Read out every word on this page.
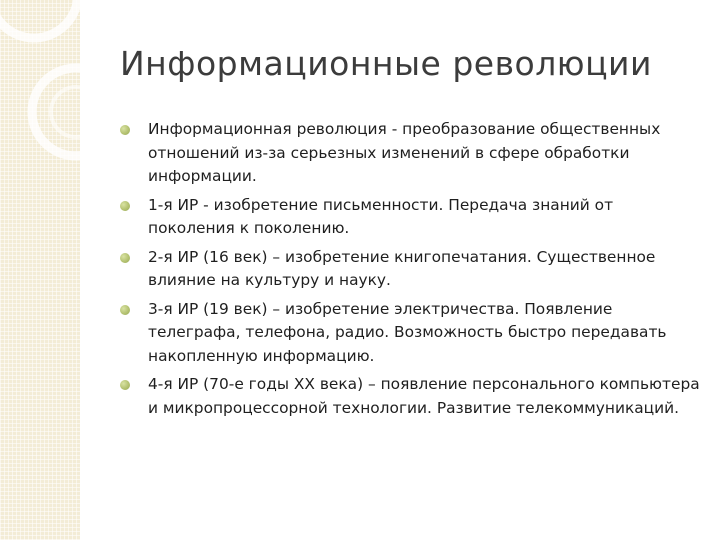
Информационные революции
Информационная революция - преобразование общественных отношений из-за серьезных изменений в сфере обработки информации.
1-я ИР - изобретение письменности. Передача знаний от поколения к поколению.
2-я ИР (16 век) – изобретение книгопечатания. Существенное влияние на культуру и науку.
3-я ИР (19 век) – изобретение электричества. Появление телеграфа, телефона, радио. Возможность быстро передавать накопленную информацию.
4-я ИР (70-е годы XX века) – появление персонального компьютера и микропроцессорной технологии. Развитие телекоммуникаций.
